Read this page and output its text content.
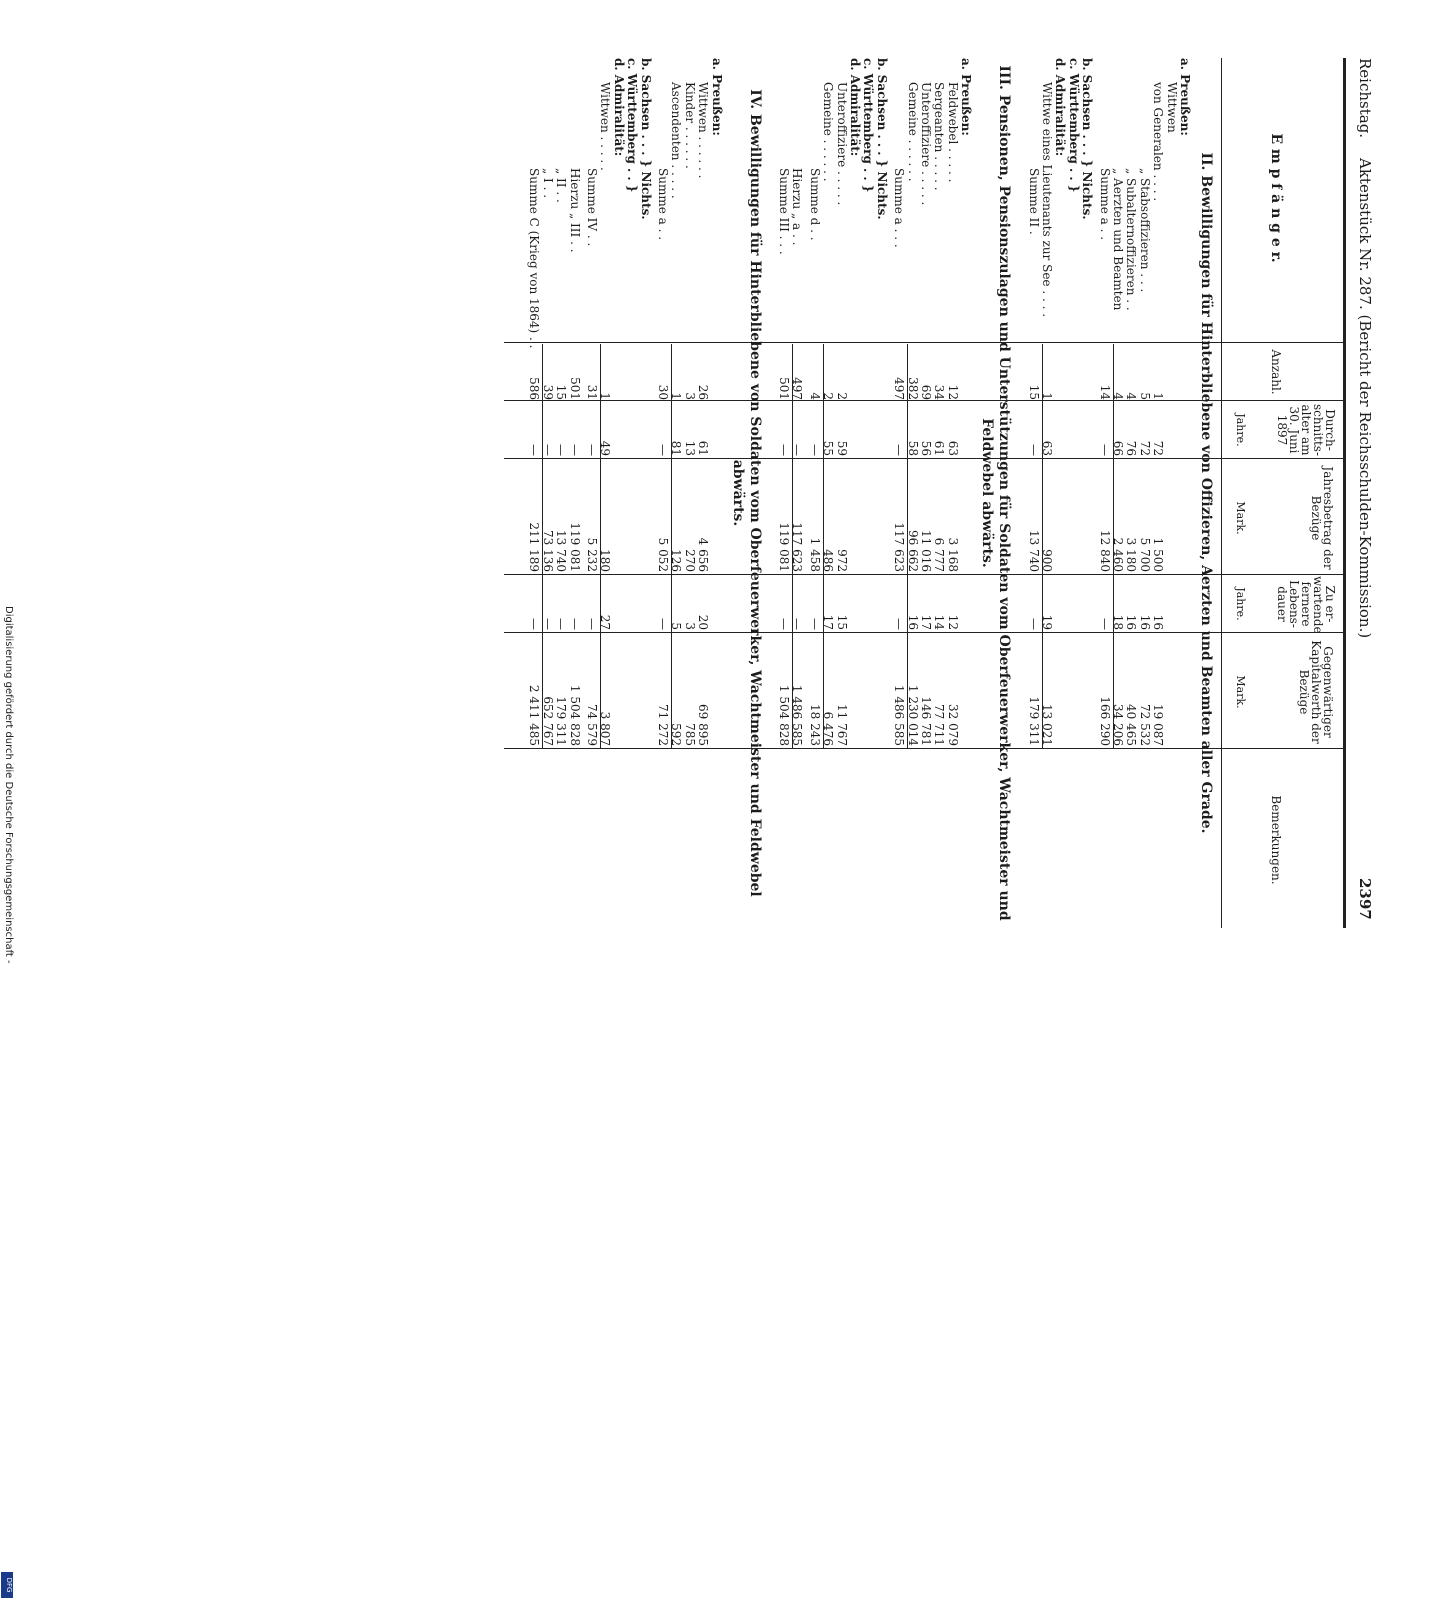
Reichstag.
Aktenstück Nr. 287. (Bericht der Reichsschulden-Kommission.)
2397
E m p f ä n g e r.
Anzahl.
Durch-schnitts-alter am 30. Juni 1897
Jahre.
Jahresbetrag der Bezüge
Mark.
Zu er-wartende fernere Lebens-dauer
Jahre.
Gegenwärtiger Kapitalwerth der Bezüge
Mark.
Bemerkungen.
II. Bewilligungen für Hinterbliebene von Offizieren, Aerzten und Beamten aller Grade.
a. Preußen:
Wittwen
von Generalen . . . .
1
72
1 500
16
19 087
„ Stabsoffizieren . . .
5
72
5 700
16
72 532
„ Subalternoffizieren . .
4
76
3 180
16
40 465
„ Aerzten und Beamten
4
66
2 460
18
34 206
Summe a . .
14
—
12 840
—
166 290
b. Sachsen . . . } Nichts.
c. Württemberg . . }
d. Admiralität:
Wittwe eines Lieutenants zur See . . . .
1
63
900
19
13 021
Summe II .
15
—
13 740
—
179 311
III. Pensionen, Pensionszulagen und Unterstützungen für Soldaten vom Oberfeuerwerker, Wachtmeister und Feldwebel abwärts.
a. Preußen:
Feldwebel . . . . .
12
63
3 168
12
32 079
Sergeanten . . . . .
34
61
6 777
14
77 711
Unteroffiziere . . . . .
69
56
11 016
17
146 781
Gemeine . . . . . .
382
58
96 662
16
1 230 014
Summe a . . .
497
—
117 623
—
1 486 585
b. Sachsen . . . } Nichts.
c. Württemberg . . }
d. Admiralität:
Unteroffiziere . . . . .
2
59
972
15
11 767
Gemeine . . . . . .
2
55
486
17
6 476
Summe d . .
4
—
1 458
—
18 243
Hierzu „ a . .
497
—
117 623
—
1 486 585
Summe III . . .
501
—
119 081
—
1 504 828
IV. Bewilligungen für Hinterbliebene von Soldaten vom Oberfeuerwerker, Wachtmeister und Feldwebel abwärts.
a. Preußen:
Wittwen . . . . . .
26
61
4 656
20
69 895
Kinder . . . . . .
3
13
270
3
785
Ascendenten . . . . .
1
81
126
5
592
Summe a . .
30
—
5 052
—
71 272
b. Sachsen . . . } Nichts.
c. Württemberg . . }
d. Admiralität:
Wittwen . . . . .
1
49
180
27
3 807
Summe IV . .
31
—
5 232
—
74 579
Hierzu „ III . .
501
—
119 081
—
1 504 828
„ II . .
15
—
13 740
—
179 311
„ I . .
39
—
73 136
—
652 767
Summe C (Krieg von 1864) . .
586
—
211 189
—
2 411 485
Digitalisierung gefördert durch die Deutsche Forschungsgemeinschaft -
DFG
